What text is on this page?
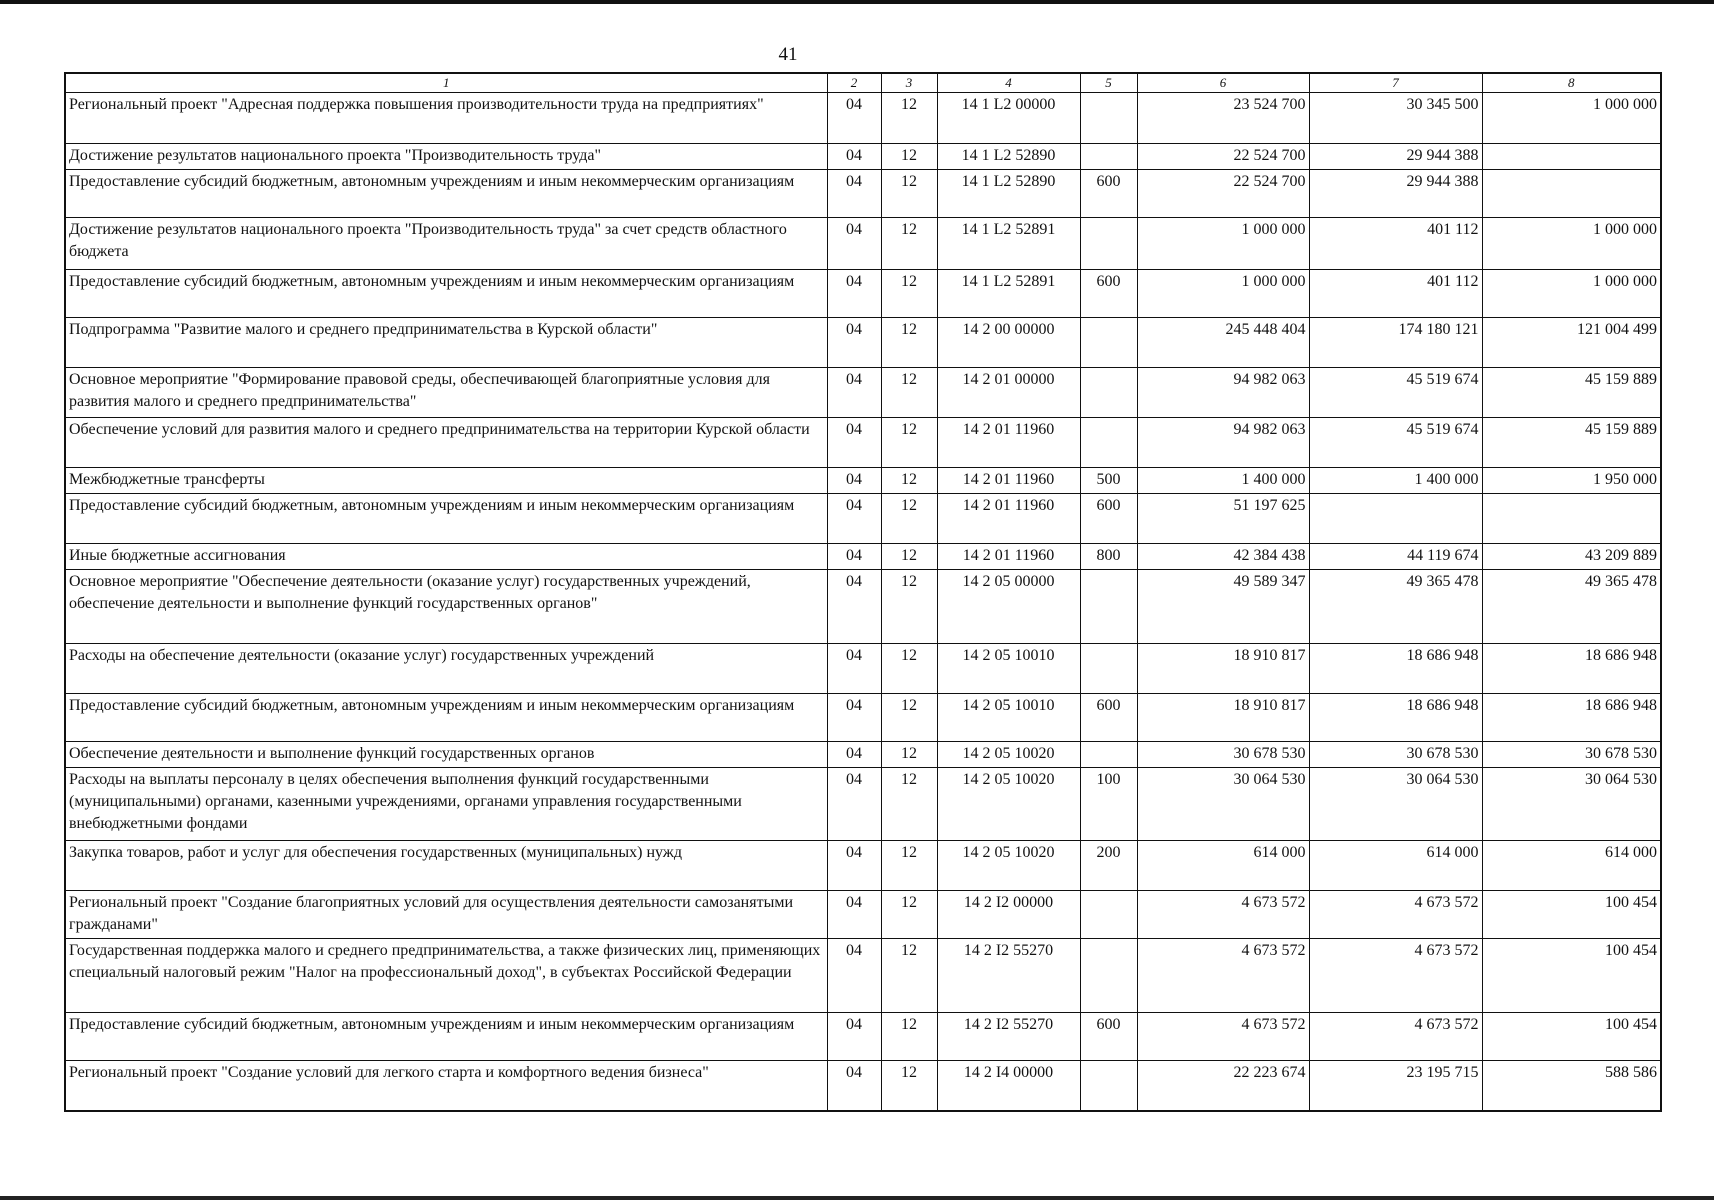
41
1	2	3	4	5	6	7	8
Региональный проект "Адресная поддержка повышения производительности труда на предприятиях"	04	12	14 1 L2 00000		23 524 700	30 345 500	1 000 000
Достижение результатов национального проекта "Производительность труда"	04	12	14 1 L2 52890		22 524 700	29 944 388	
Предоставление субсидий бюджетным, автономным учреждениям и иным некоммерческим организациям	04	12	14 1 L2 52890	600	22 524 700	29 944 388	
Достижение результатов национального проекта "Производительность труда" за счет средств областного бюджета	04	12	14 1 L2 52891		1 000 000	401 112	1 000 000
Предоставление субсидий бюджетным, автономным учреждениям и иным некоммерческим организациям	04	12	14 1 L2 52891	600	1 000 000	401 112	1 000 000
Подпрограмма "Развитие малого и среднего предпринимательства в Курской области"	04	12	14 2 00 00000		245 448 404	174 180 121	121 004 499
Основное мероприятие "Формирование правовой среды, обеспечивающей благоприятные условия для развития малого и среднего предпринимательства"	04	12	14 2 01 00000		94 982 063	45 519 674	45 159 889
Обеспечение условий для развития малого и среднего предпринимательства на территории Курской области	04	12	14 2 01 11960		94 982 063	45 519 674	45 159 889
Межбюджетные трансферты	04	12	14 2 01 11960	500	1 400 000	1 400 000	1 950 000
Предоставление субсидий бюджетным, автономным учреждениям и иным некоммерческим организациям	04	12	14 2 01 11960	600	51 197 625		
Иные бюджетные ассигнования	04	12	14 2 01 11960	800	42 384 438	44 119 674	43 209 889
Основное мероприятие "Обеспечение деятельности (оказание услуг) государственных учреждений, обеспечение деятельности и выполнение функций государственных органов"	04	12	14 2 05 00000		49 589 347	49 365 478	49 365 478
Расходы на обеспечение деятельности (оказание услуг) государственных учреждений	04	12	14 2 05 10010		18 910 817	18 686 948	18 686 948
Предоставление субсидий бюджетным, автономным учреждениям и иным некоммерческим организациям	04	12	14 2 05 10010	600	18 910 817	18 686 948	18 686 948
Обеспечение деятельности и выполнение функций государственных органов	04	12	14 2 05 10020		30 678 530	30 678 530	30 678 530
Расходы на выплаты персоналу в целях обеспечения выполнения функций государственными (муниципальными) органами, казенными учреждениями, органами управления государственными внебюджетными фондами	04	12	14 2 05 10020	100	30 064 530	30 064 530	30 064 530
Закупка товаров, работ и услуг для обеспечения государственных (муниципальных) нужд	04	12	14 2 05 10020	200	614 000	614 000	614 000
Региональный проект "Создание благоприятных условий для осуществления деятельности самозанятыми гражданами"	04	12	14 2 I2 00000		4 673 572	4 673 572	100 454
Государственная поддержка малого и среднего предпринимательства, а также физических лиц, применяющих специальный налоговый режим "Налог на профессиональный доход", в субъектах Российской Федерации	04	12	14 2 I2 55270		4 673 572	4 673 572	100 454
Предоставление субсидий бюджетным, автономным учреждениям и иным некоммерческим организациям	04	12	14 2 I2 55270	600	4 673 572	4 673 572	100 454
Региональный проект "Создание условий для легкого старта и комфортного ведения бизнеса"	04	12	14 2 I4 00000		22 223 674	23 195 715	588 586
